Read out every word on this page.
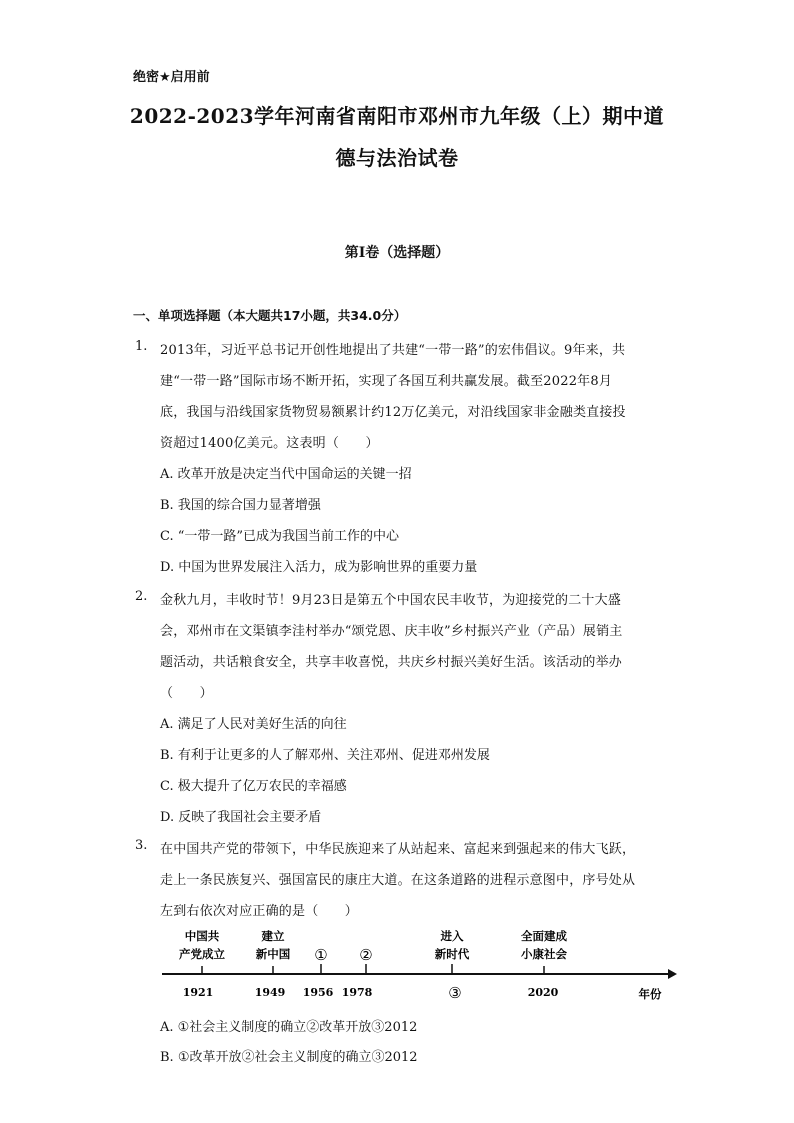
绝密★启用前
2022-2023学年河南省南阳市邓州市九年级（上）期中道
德与法治试卷
第Ⅰ卷（选择题）
一、单项选择题（本大题共17小题，共34.0分）
1. 2013年，习近平总书记开创性地提出了共建“一带一路”的宏伟倡议。9年来，共
建“一带一路”国际市场不断开拓，实现了各国互利共赢发展。截至2022年8月
底，我国与沿线国家货物贸易额累计约12万亿美元，对沿线国家非金融类直接投
资超过1400亿美元。这表明（　　）
A. 改革开放是决定当代中国命运的关键一招
B. 我国的综合国力显著增强
C. “一带一路”已成为我国当前工作的中心
D. 中国为世界发展注入活力，成为影响世界的重要力量
2. 金秋九月，丰收时节！9月23日是第五个中国农民丰收节，为迎接党的二十大盛
会，邓州市在文渠镇李洼村举办“颂党恩、庆丰收”乡村振兴产业（产品）展销主
题活动，共话粮食安全，共享丰收喜悦，共庆乡村振兴美好生活。该活动的举办
（　　）
A. 满足了人民对美好生活的向往
B. 有利于让更多的人了解邓州、关注邓州、促进邓州发展
C. 极大提升了亿万农民的幸福感
D. 反映了我国社会主要矛盾
3. 在中国共产党的带领下，中华民族迎来了从站起来、富起来到强起来的伟大飞跃，
走上一条民族复兴、强国富民的康庄大道。在这条道路的进程示意图中，序号处从
左到右依次对应正确的是（　　）
中国共
产党成立
1921
建立
新中国
1949
①
1956
②
1978
进入
新时代
③
全面建成
小康社会
2020	年份
A. ①社会主义制度的确立②改革开放③2012
B. ①改革开放②社会主义制度的确立③2012
